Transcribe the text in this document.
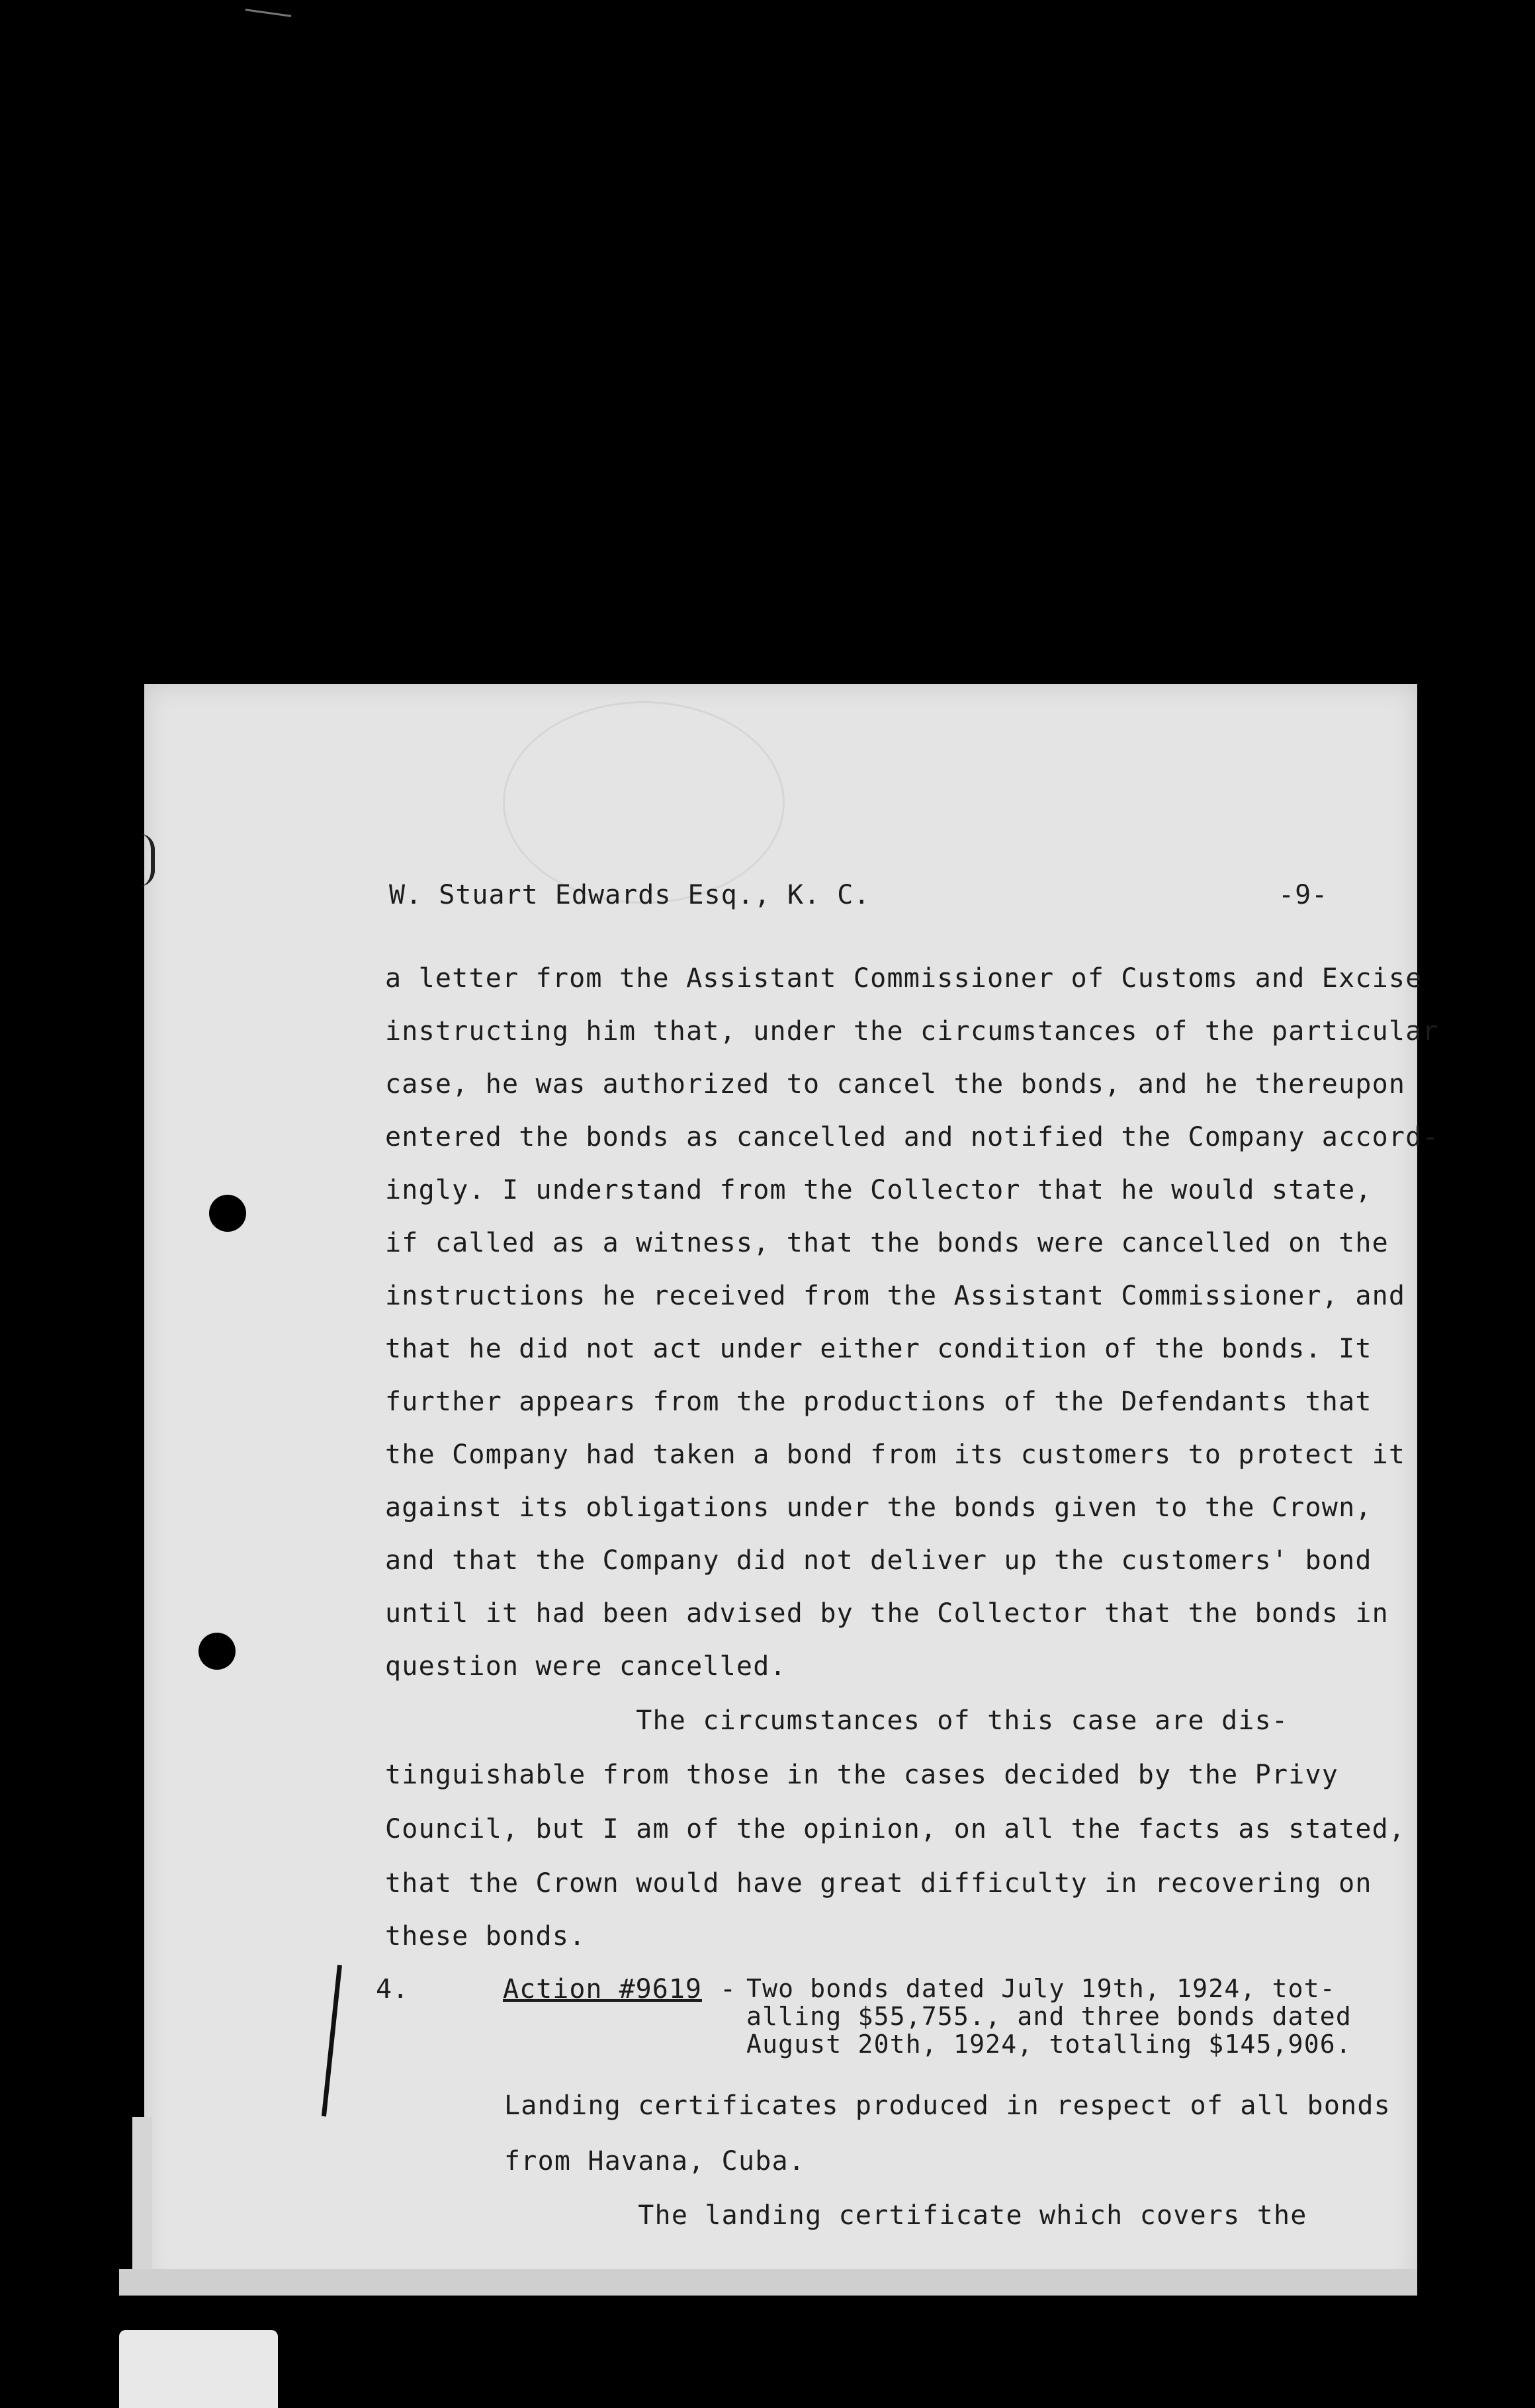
W. Stuart Edwards Esq., K. C.	-9-
a letter from the Assistant Commissioner of Customs and Excise
instructing him that, under the circumstances of the particular
case, he was authorized to cancel the bonds, and he thereupon
entered the bonds as cancelled and notified the Company accord-
ingly. I understand from the Collector that he would state,
if called as a witness, that the bonds were cancelled on the
instructions he received from the Assistant Commissioner, and
that he did not act under either condition of the bonds. It
further appears from the productions of the Defendants that
the Company had taken a bond from its customers to protect it
against its obligations under the bonds given to the Crown,
and that the Company did not deliver up the customers' bond
until it had been advised by the Collector that the bonds in
question were cancelled.
The circumstances of this case are dis-
tinguishable from those in the cases decided by the Privy
Council, but I am of the opinion, on all the facts as stated,
that the Crown would have great difficulty in recovering on
these bonds.
4.	Action #9619 - Two bonds dated July 19th, 1924, tot-
alling $55,755., and three bonds dated
August 20th, 1924, totalling $145,906.
Landing certificates produced in respect of all bonds
from Havana, Cuba.
The landing certificate which covers the
